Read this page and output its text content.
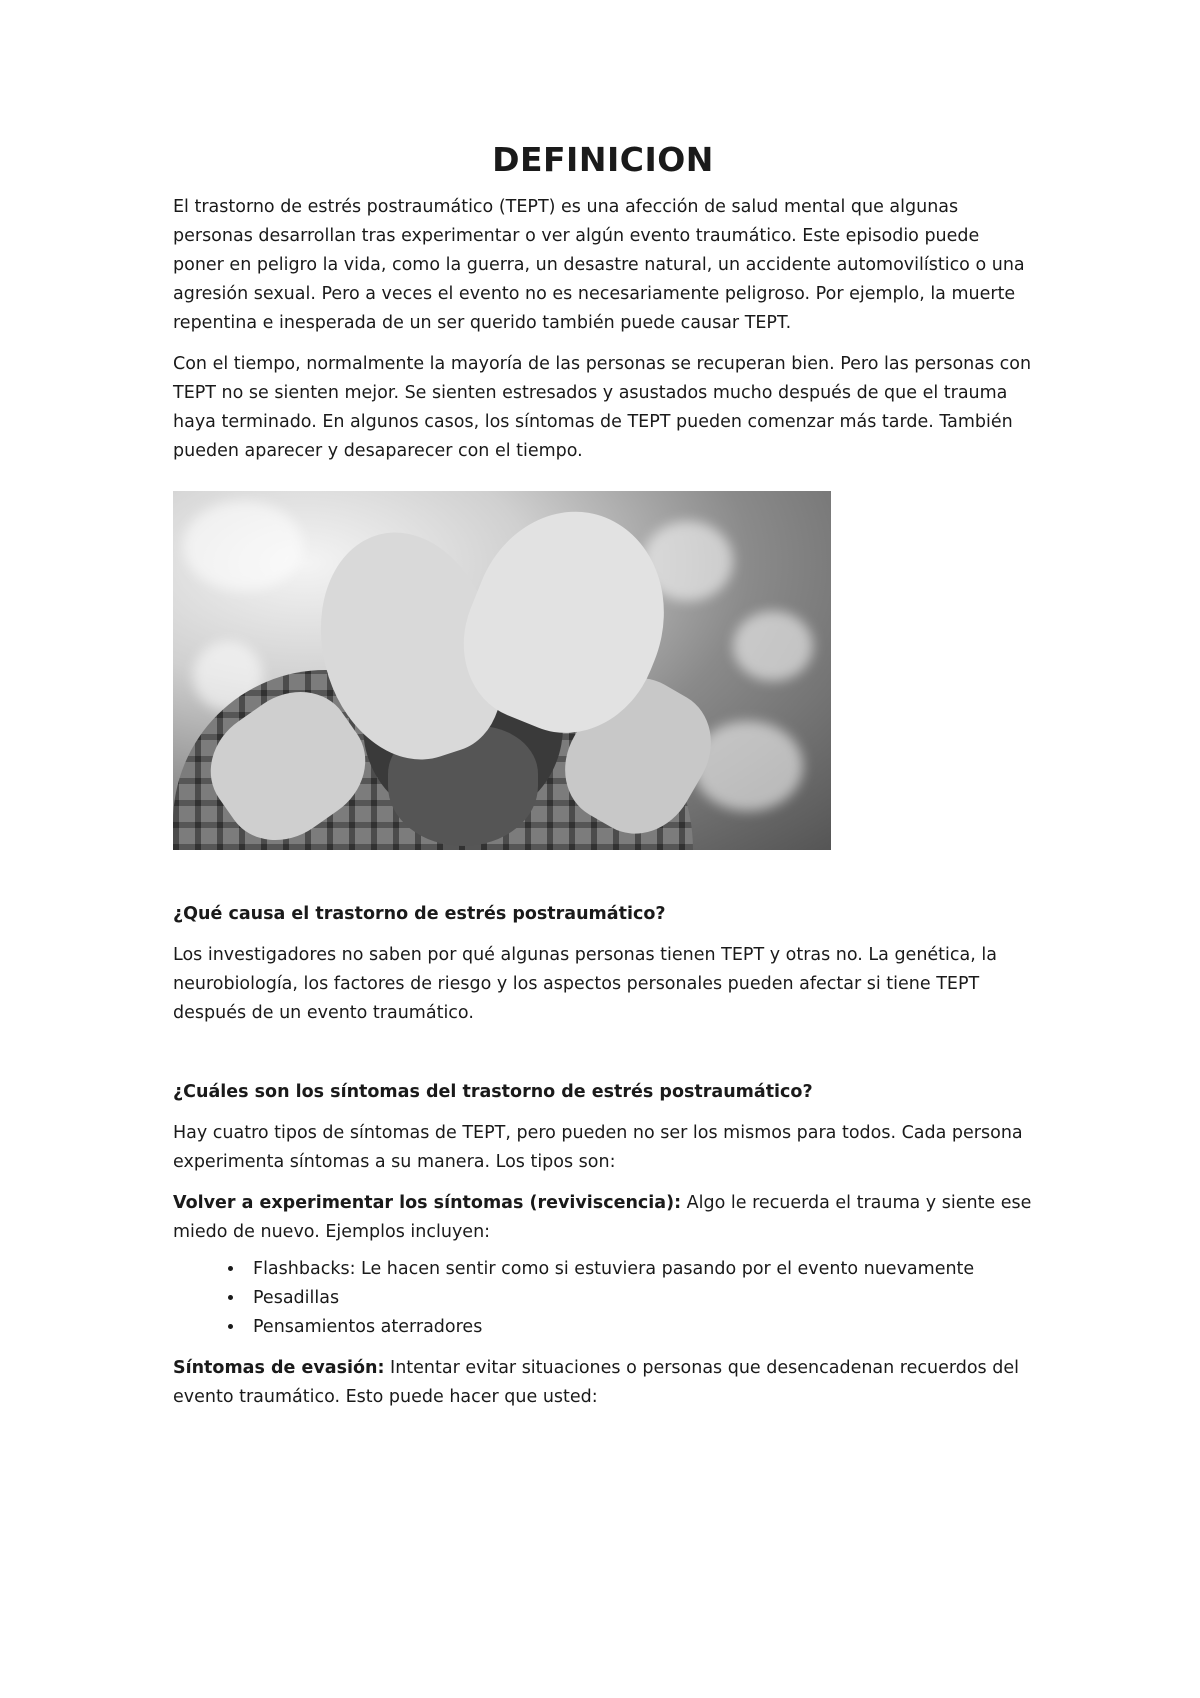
DEFINICION

El trastorno de estrés postraumático (TEPT) es una afección de salud mental que algunas personas desarrollan tras experimentar o ver algún evento traumático. Este episodio puede poner en peligro la vida, como la guerra, un desastre natural, un accidente automovilístico o una agresión sexual. Pero a veces el evento no es necesariamente peligroso. Por ejemplo, la muerte repentina e inesperada de un ser querido también puede causar TEPT.

Con el tiempo, normalmente la mayoría de las personas se recuperan bien. Pero las personas con TEPT no se sienten mejor. Se sienten estresados y asustados mucho después de que el trauma haya terminado. En algunos casos, los síntomas de TEPT pueden comenzar más tarde. También pueden aparecer y desaparecer con el tiempo.

¿Qué causa el trastorno de estrés postraumático?

Los investigadores no saben por qué algunas personas tienen TEPT y otras no. La genética, la neurobiología, los factores de riesgo y los aspectos personales pueden afectar si tiene TEPT después de un evento traumático.

¿Cuáles son los síntomas del trastorno de estrés postraumático?

Hay cuatro tipos de síntomas de TEPT, pero pueden no ser los mismos para todos. Cada persona experimenta síntomas a su manera. Los tipos son:

Volver a experimentar los síntomas (reviviscencia): Algo le recuerda el trauma y siente ese miedo de nuevo. Ejemplos incluyen:

• Flashbacks: Le hacen sentir como si estuviera pasando por el evento nuevamente
• Pesadillas
• Pensamientos aterradores

Síntomas de evasión: Intentar evitar situaciones o personas que desencadenan recuerdos del evento traumático. Esto puede hacer que usted:
